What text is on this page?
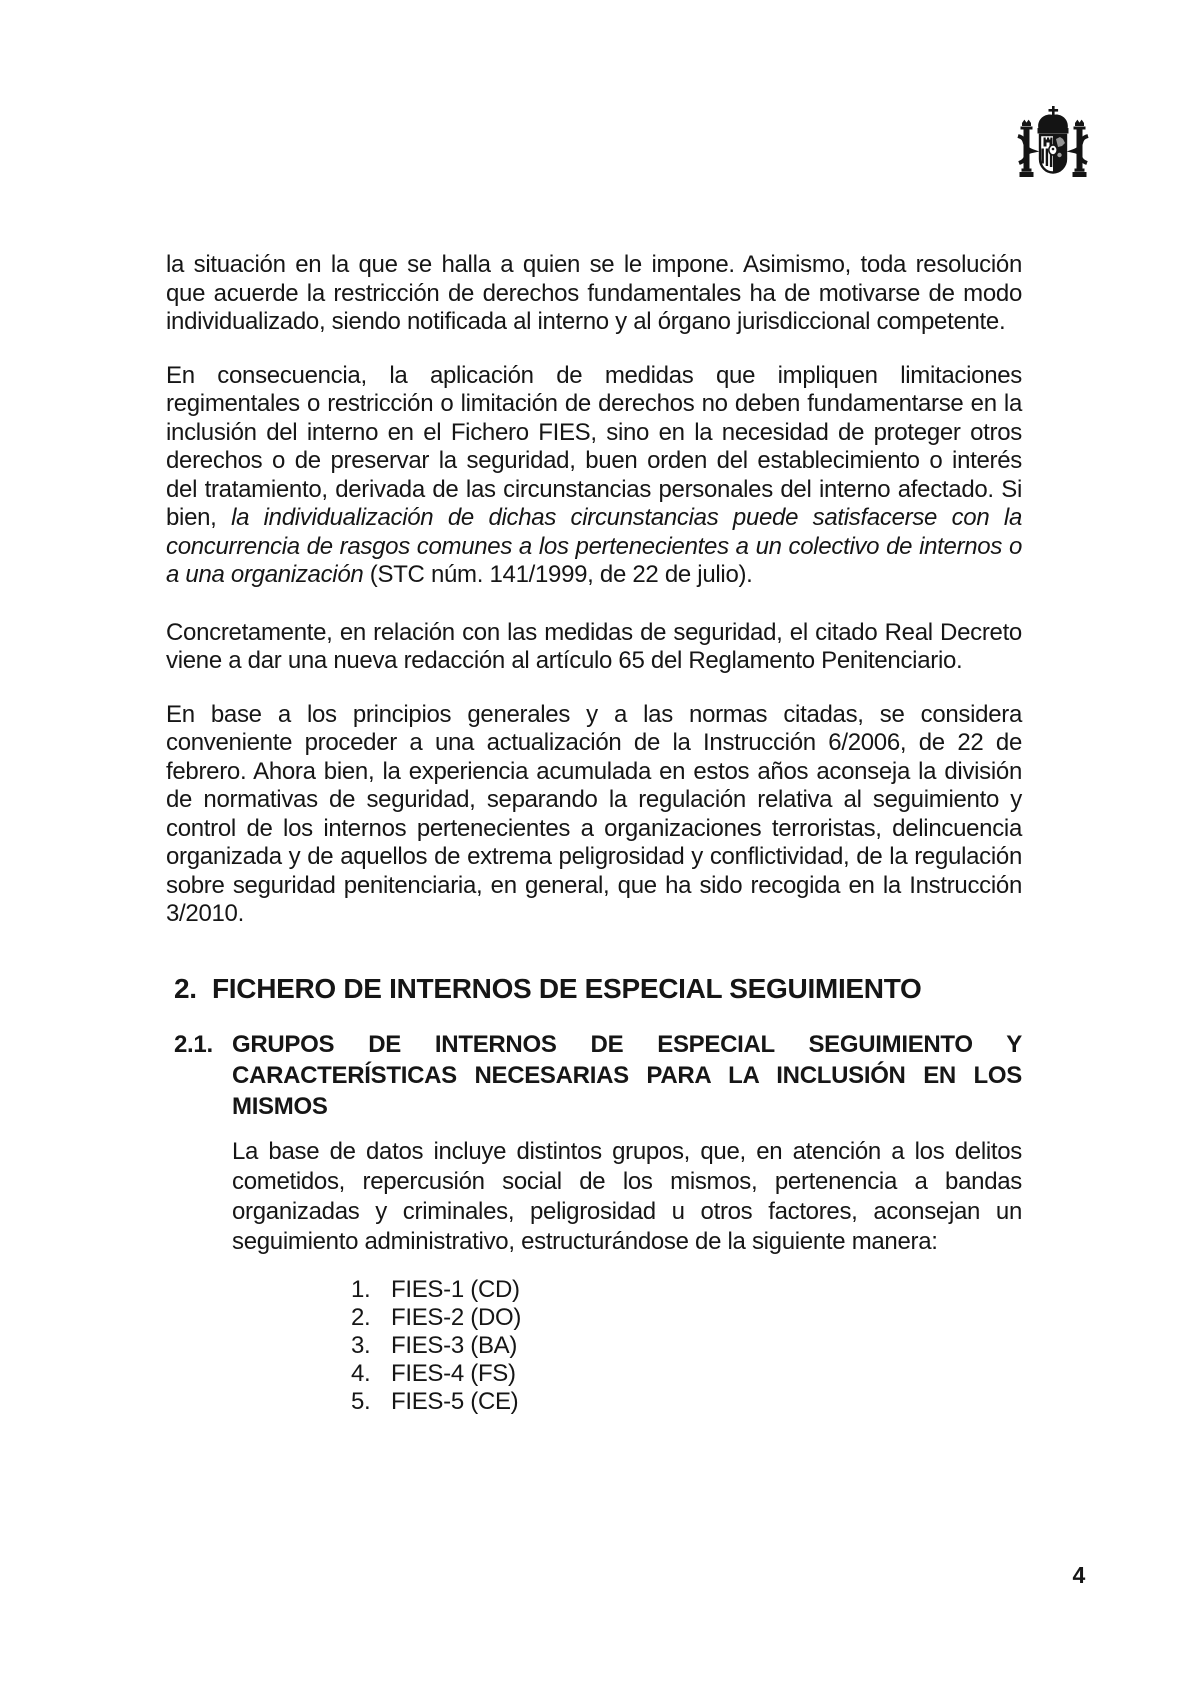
la situación en la que se halla a quien se le impone. Asimismo, toda resolución que acuerde la restricción de derechos fundamentales ha de motivarse de modo individualizado, siendo notificada al interno y al órgano jurisdiccional competente.

En consecuencia, la aplicación de medidas que impliquen limitaciones regimentales o restricción o limitación de derechos no deben fundamentarse en la inclusión del interno en el Fichero FIES, sino en la necesidad de proteger otros derechos o de preservar la seguridad, buen orden del establecimiento o interés del tratamiento, derivada de las circunstancias personales del interno afectado. Si bien, la individualización de dichas circunstancias puede satisfacerse con la concurrencia de rasgos comunes a los pertenecientes a un colectivo de internos o a una organización (STC núm. 141/1999, de 22 de julio).

Concretamente, en relación con las medidas de seguridad, el citado Real Decreto viene a dar una nueva redacción al artículo 65 del Reglamento Penitenciario.

En base a los principios generales y a las normas citadas, se considera conveniente proceder a una actualización de la Instrucción 6/2006, de 22 de febrero. Ahora bien, la experiencia acumulada en estos años aconseja la división de normativas de seguridad, separando la regulación relativa al seguimiento y control de los internos pertenecientes a organizaciones terroristas, delincuencia organizada y de aquellos de extrema peligrosidad y conflictividad, de la regulación sobre seguridad penitenciaria, en general, que ha sido recogida en la Instrucción 3/2010.

2. FICHERO DE INTERNOS DE ESPECIAL SEGUIMIENTO
2.1. GRUPOS DE INTERNOS DE ESPECIAL SEGUIMIENTO Y CARACTERÍSTICAS NECESARIAS PARA LA INCLUSIÓN EN LOS MISMOS

La base de datos incluye distintos grupos, que, en atención a los delitos cometidos, repercusión social de los mismos, pertenencia a bandas organizadas y criminales, peligrosidad u otros factores, aconsejan un seguimiento administrativo, estructurándose de la siguiente manera:

1. FIES-1 (CD)
2. FIES-2 (DO)
3. FIES-3 (BA)
4. FIES-4 (FS)
5. FIES-5 (CE)
4
